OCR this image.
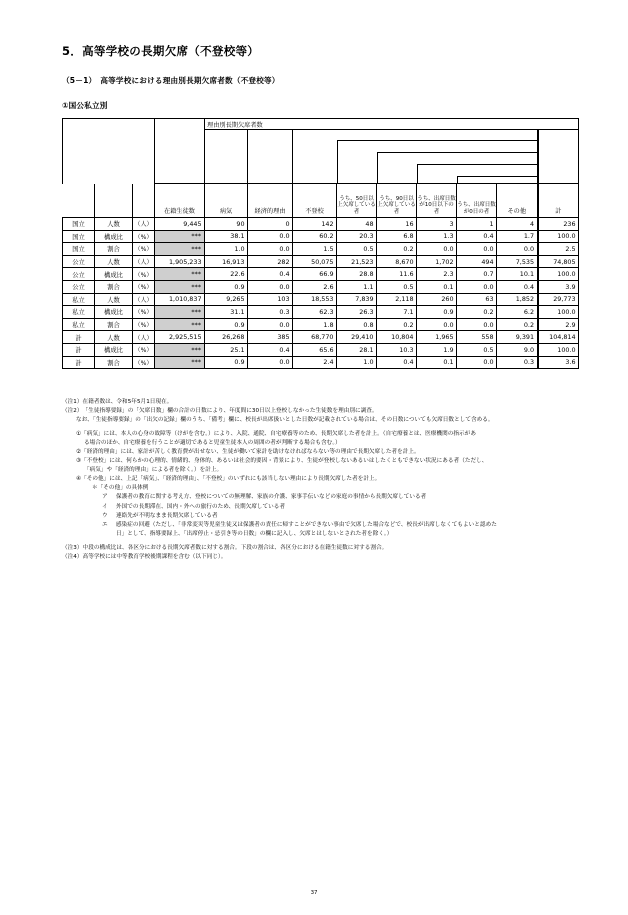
5．高等学校の長期欠席（不登校等）
（5－1）　高等学校における理由別長期欠席者数（不登校等）
①国公私立別
				理由別長期欠席者数								

			在籍生徒数	病気	経済的理由	不登校	うち、50日以上欠席している者	うち、90日以上欠席している者	うち、出席日数が10日以下の者	うち、出席日数が0日の者	その他	計
国立	人数	（人）	9,445	90	0	142	48	16	3	1	4	236
国立	構成比	（%）	***	38.1	0.0	60.2	20.3	6.8	1.3	0.4	1.7	100.0
国立	割合	（%）	***	1.0	0.0	1.5	0.5	0.2	0.0	0.0	0.0	2.5
公立	人数	（人）	1,905,233	16,913	282	50,075	21,523	8,670	1,702	494	7,535	74,805
公立	構成比	（%）	***	22.6	0.4	66.9	28.8	11.6	2.3	0.7	10.1	100.0
公立	割合	（%）	***	0.9	0.0	2.6	1.1	0.5	0.1	0.0	0.4	3.9
私立	人数	（人）	1,010,837	9,265	103	18,553	7,839	2,118	260	63	1,852	29,773
私立	構成比	（%）	***	31.1	0.3	62.3	26.3	7.1	0.9	0.2	6.2	100.0
私立	割合	（%）	***	0.9	0.0	1.8	0.8	0.2	0.0	0.0	0.2	2.9
計	人数	（人）	2,925,515	26,268	385	68,770	29,410	10,804	1,965	558	9,391	104,814
計	構成比	（%）	***	25.1	0.4	65.6	28.1	10.3	1.9	0.5	9.0	100.0
計	割合	（%）	***	0.9	0.0	2.4	1.0	0.4	0.1	0.0	0.3	3.6
（注1） 在籍者数は、令和5年5月1日現在。
（注2） 「生徒指導要録」の「欠席日数」欄の合計の日数により、年度間に30日以上登校しなかった生徒数を理由別に調査。
なお、「生徒指導要録」の「出欠の記録」欄のうち、「備考」欄に、校長が出席扱いとした日数が記載されている場合は、その日数についても欠席日数として含める。
① 「病気」には、本人の心身の故障等（けがを含む。）により、入院、通院、自宅療養等のため、長期欠席した者を計上。（自宅療養とは、医療機関の指示があ
る場合のほか、自宅療養を行うことが適切であると児童生徒本人の周囲の者が判断する場合も含む。）
② 「経済的理由」には、家計が苦しく教育費が出せない、生徒が働いて家計を助けなければならない等の理由で長期欠席した者を計上。
③ 「不登校」には、何らかの心理的、情緒的、身体的、あるいは社会的要因・背景により、生徒が登校しないあるいはしたくともできない状況にある者（ただし、
「病気」や「経済的理由」による者を除く。）を計上。
④ 「その他」には、上記「病気」、「経済的理由」、「不登校」のいずれにも該当しない理由により長期欠席した者を計上。
＊「その他」の具体例
ア	保護者の教育に関する考え方、登校についての無理解、家族の介護、家事手伝いなどの家庭の事情から長期欠席している者
イ	外国での長期滞在、国内・外への旅行のため、長期欠席している者
ウ	連絡先が不明なまま長期欠席している者
エ	感染症の回避（ただし、「非常変災等児童生徒又は保護者の責任に帰すことができない事由で欠席した場合などで、校長が出席しなくてもよいと認めた
日」として、指導要録上、「出席停止・忌引き等の日数」の欄に記入し、欠席とはしないとされた者を除く。）
（注3） 中段の構成比は、各区分における長期欠席者数に対する割合。下段の割合は、各区分における在籍生徒数に対する割合。
（注4） 高等学校には中等教育学校後期課程を含む（以下同じ）。
37
